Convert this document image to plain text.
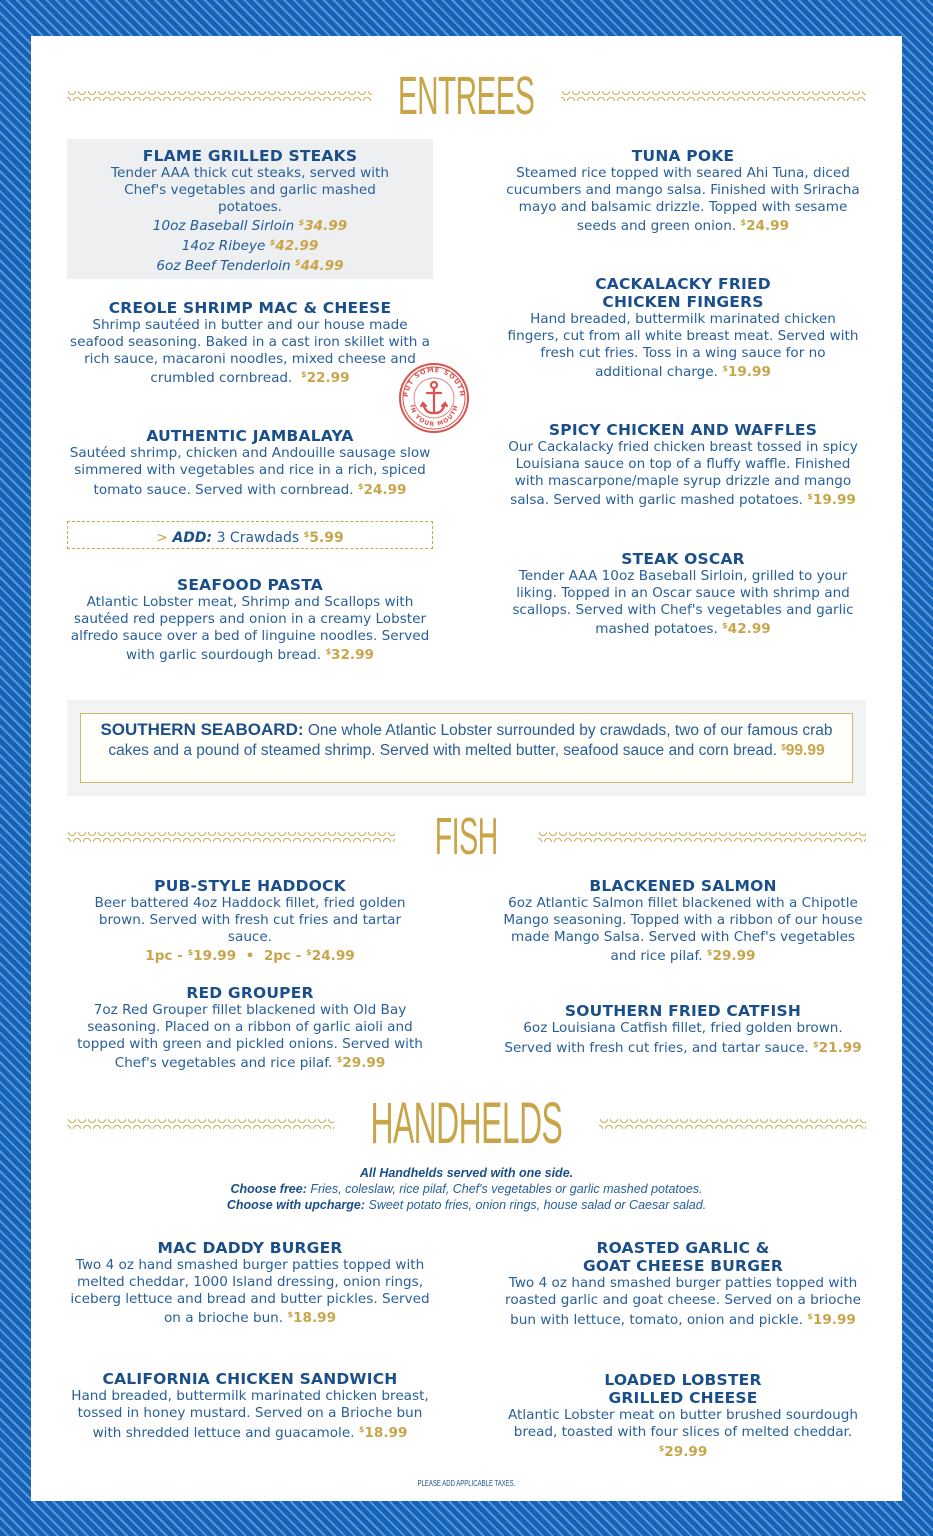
ENTREES
FLAME GRILLED STEAKS
Tender AAA thick cut steaks, served with Chef's vegetables and garlic mashed potatoes.
10oz Baseball Sirloin $34.99
14oz Ribeye $42.99
6oz Beef Tenderloin $44.99
CREOLE SHRIMP MAC & CHEESE
Shrimp sautéed in butter and our house made seafood seasoning. Baked in a cast iron skillet with a rich sauce, macaroni noodles, mixed cheese and crumbled cornbread. $22.99
AUTHENTIC JAMBALAYA
Sautéed shrimp, chicken and Andouille sausage slow simmered with vegetables and rice in a rich, spiced tomato sauce. Served with cornbread. $24.99
> ADD: 3 Crawdads $5.99
SEAFOOD PASTA
Atlantic Lobster meat, Shrimp and Scallops with sautéed red peppers and onion in a creamy Lobster alfredo sauce over a bed of linguine noodles. Served with garlic sourdough bread. $32.99
TUNA POKE
Steamed rice topped with seared Ahi Tuna, diced cucumbers and mango salsa. Finished with Sriracha mayo and balsamic drizzle. Topped with sesame seeds and green onion. $24.99
CACKALACKY FRIED
CHICKEN FINGERS
Hand breaded, buttermilk marinated chicken fingers, cut from all white breast meat. Served with fresh cut fries. Toss in a wing sauce for no additional charge. $19.99
SPICY CHICKEN AND WAFFLES
Our Cackalacky fried chicken breast tossed in spicy Louisiana sauce on top of a fluffy waffle. Finished with mascarpone/maple syrup drizzle and mango salsa. Served with garlic mashed potatoes. $19.99
STEAK OSCAR
Tender AAA 10oz Baseball Sirloin, grilled to your liking. Topped in an Oscar sauce with shrimp and scallops. Served with Chef's vegetables and garlic mashed potatoes. $42.99
PUT SOME SOUTH
IN YOUR MOUTH
SOUTHERN SEABOARD: One whole Atlantic Lobster surrounded by crawdads, two of our famous crab cakes and a pound of steamed shrimp. Served with melted butter, seafood sauce and corn bread. $99.99
FISH
PUB-STYLE HADDOCK
Beer battered 4oz Haddock fillet, fried golden brown. Served with fresh cut fries and tartar sauce.
1pc - $19.99 • 2pc - $24.99
RED GROUPER
7oz Red Grouper fillet blackened with Old Bay seasoning. Placed on a ribbon of garlic aioli and topped with green and pickled onions. Served with Chef's vegetables and rice pilaf. $29.99
BLACKENED SALMON
6oz Atlantic Salmon fillet blackened with a Chipotle Mango seasoning. Topped with a ribbon of our house made Mango Salsa. Served with Chef's vegetables and rice pilaf. $29.99
SOUTHERN FRIED CATFISH
6oz Louisiana Catfish fillet, fried golden brown. Served with fresh cut fries, and tartar sauce. $21.99
HANDHELDS
All Handhelds served with one side.
Choose free: Fries, coleslaw, rice pilaf, Chef's vegetables or garlic mashed potatoes.
Choose with upcharge: Sweet potato fries, onion rings, house salad or Caesar salad.
MAC DADDY BURGER
Two 4 oz hand smashed burger patties topped with melted cheddar, 1000 Island dressing, onion rings, iceberg lettuce and bread and butter pickles. Served on a brioche bun. $18.99
CALIFORNIA CHICKEN SANDWICH
Hand breaded, buttermilk marinated chicken breast, tossed in honey mustard. Served on a Brioche bun with shredded lettuce and guacamole. $18.99
ROASTED GARLIC &
GOAT CHEESE BURGER
Two 4 oz hand smashed burger patties topped with roasted garlic and goat cheese. Served on a brioche bun with lettuce, tomato, onion and pickle. $19.99
LOADED LOBSTER
GRILLED CHEESE
Atlantic Lobster meat on butter brushed sourdough bread, toasted with four slices of melted cheddar. $29.99
PLEASE ADD APPLICABLE TAXES.
